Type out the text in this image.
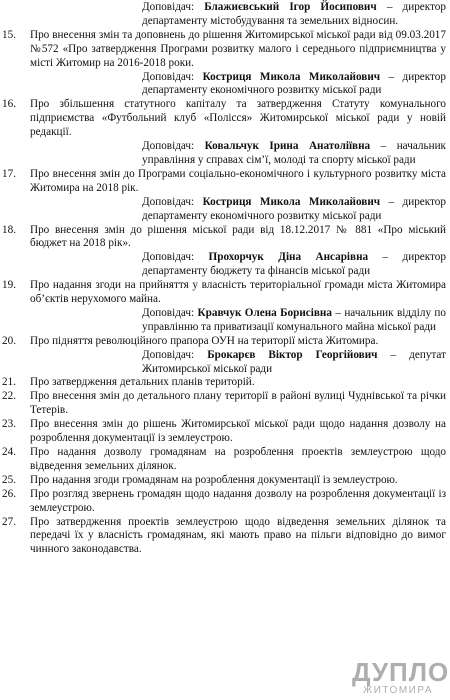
Доповідач: Блажиєвський Ігор Йосипович – директор департаменту містобудування та земельних відносин.
15.	Про внесення змін та доповнень до рішення Житомирської міської ради від 09.03.2017 №572 «Про затвердження Програми розвитку малого і середнього підприємництва у місті Житомир на 2016-2018 роки.
Доповідач: Костриця Микола Миколайович – директор департаменту економічного розвитку міської ради
16.	Про збільшення статутного капіталу та затвердження Статуту комунального підприємства «Футбольний клуб «Полісся» Житомирської міської ради у новій редакції.
Доповідач: Ковальчук Ірина Анатоліївна – начальник управління у справах сім’ї, молоді та спорту міської ради
17.	Про внесення змін до Програми соціально-економічного і культурного розвитку міста Житомира на 2018 рік.
Доповідач: Костриця Микола Миколайович – директор департаменту економічного розвитку міської ради
18.	Про внесення змін до рішення міської ради від 18.12.2017 № 881 «Про міський бюджет на 2018 рік».
Доповідач: Прохорчук Діна Ансарівна – директор департаменту бюджету та фінансів міської ради
19.	Про надання згоди на прийняття у власність територіальної громади міста Житомира об’єктів нерухомого майна.
Доповідач: Кравчук Олена Борисівна – начальник відділу по управлінню та приватизації комунального майна міської ради
20.	Про підняття революційного прапора ОУН на території міста Житомира.
Доповідач: Брокарєв Віктор Георгійович – депутат Житомирської міської ради
21.	Про затвердження детальних планів територій.
22.	Про внесення змін до детального плану території в районі вулиці Чуднівської та річки Тетерів.
23.	Про внесення змін до рішень Житомирської міської ради щодо надання дозволу на розроблення документації із землеустрою.
24.	Про надання дозволу громадянам на розроблення проектів землеустрою щодо відведення земельних ділянок.
25.	Про надання згоди громадянам на розроблення документації із землеустрою.
26.	Про розгляд звернень громадян щодо надання дозволу на розроблення документації із землеустрою.
27.	Про затвердження проектів землеустрою щодо відведення земельних ділянок та передачі їх у власність громадянам, які мають право на пільги відповідно до вимог чинного законодавства.
ДУПЛО
ЖИТОМИРА
